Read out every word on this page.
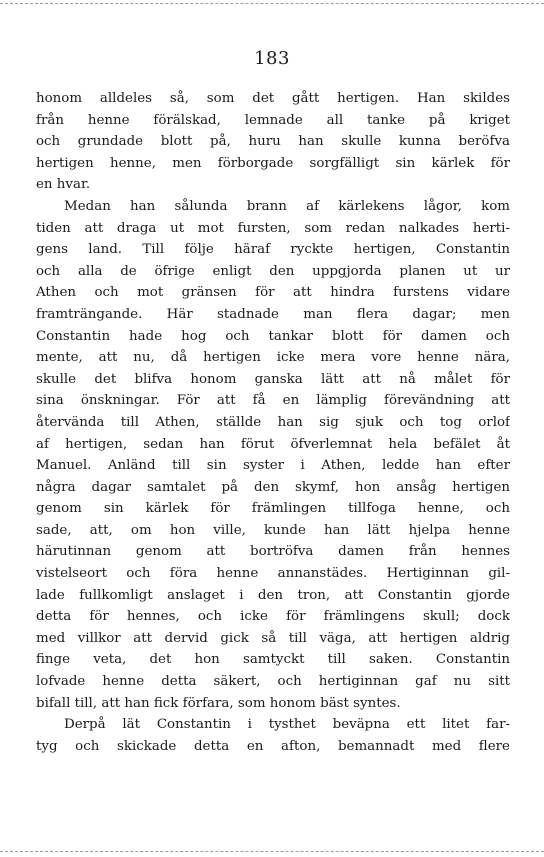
183
honom alldeles så, som det gått hertigen. Han skildes
från henne förälskad, lemnade all tanke på kriget
och grundade blott på, huru han skulle kunna beröfva
hertigen henne, men förborgade sorgfälligt sin kärlek för
en hvar.
Medan han sålunda brann af kärlekens lågor, kom
tiden att draga ut mot fursten, som redan nalkades herti-
gens land. Till följe häraf ryckte hertigen, Constantin
och alla de öfrige enligt den uppgjorda planen ut ur
Athen och mot gränsen för att hindra furstens vidare
framträngande. Här stadnade man flera dagar; men
Constantin hade hog och tankar blott för damen och
mente, att nu, då hertigen icke mera vore henne nära,
skulle det blifva honom ganska lätt att nå målet för
sina önskningar. För att få en lämplig förevändning att
återvända till Athen, ställde han sig sjuk och tog orlof
af hertigen, sedan han förut öfverlemnat hela befälet åt
Manuel. Anländ till sin syster i Athen, ledde han efter
några dagar samtalet på den skymf, hon ansåg hertigen
genom sin kärlek för främlingen tillfoga henne, och
sade, att, om hon ville, kunde han lätt hjelpa henne
härutinnan genom att bortröfva damen från hennes
vistelseort och föra henne annanstädes. Hertiginnan gil-
lade fullkomligt anslaget i den tron, att Constantin gjorde
detta för hennes, och icke för främlingens skull; dock
med villkor att dervid gick så till väga, att hertigen aldrig
finge veta, det hon samtyckt till saken. Constantin
lofvade henne detta säkert, och hertiginnan gaf nu sitt
bifall till, att han fick förfara, som honom bäst syntes.
Derpå lät Constantin i tysthet beväpna ett litet far-
tyg och skickade detta en afton, bemannadt med flere
